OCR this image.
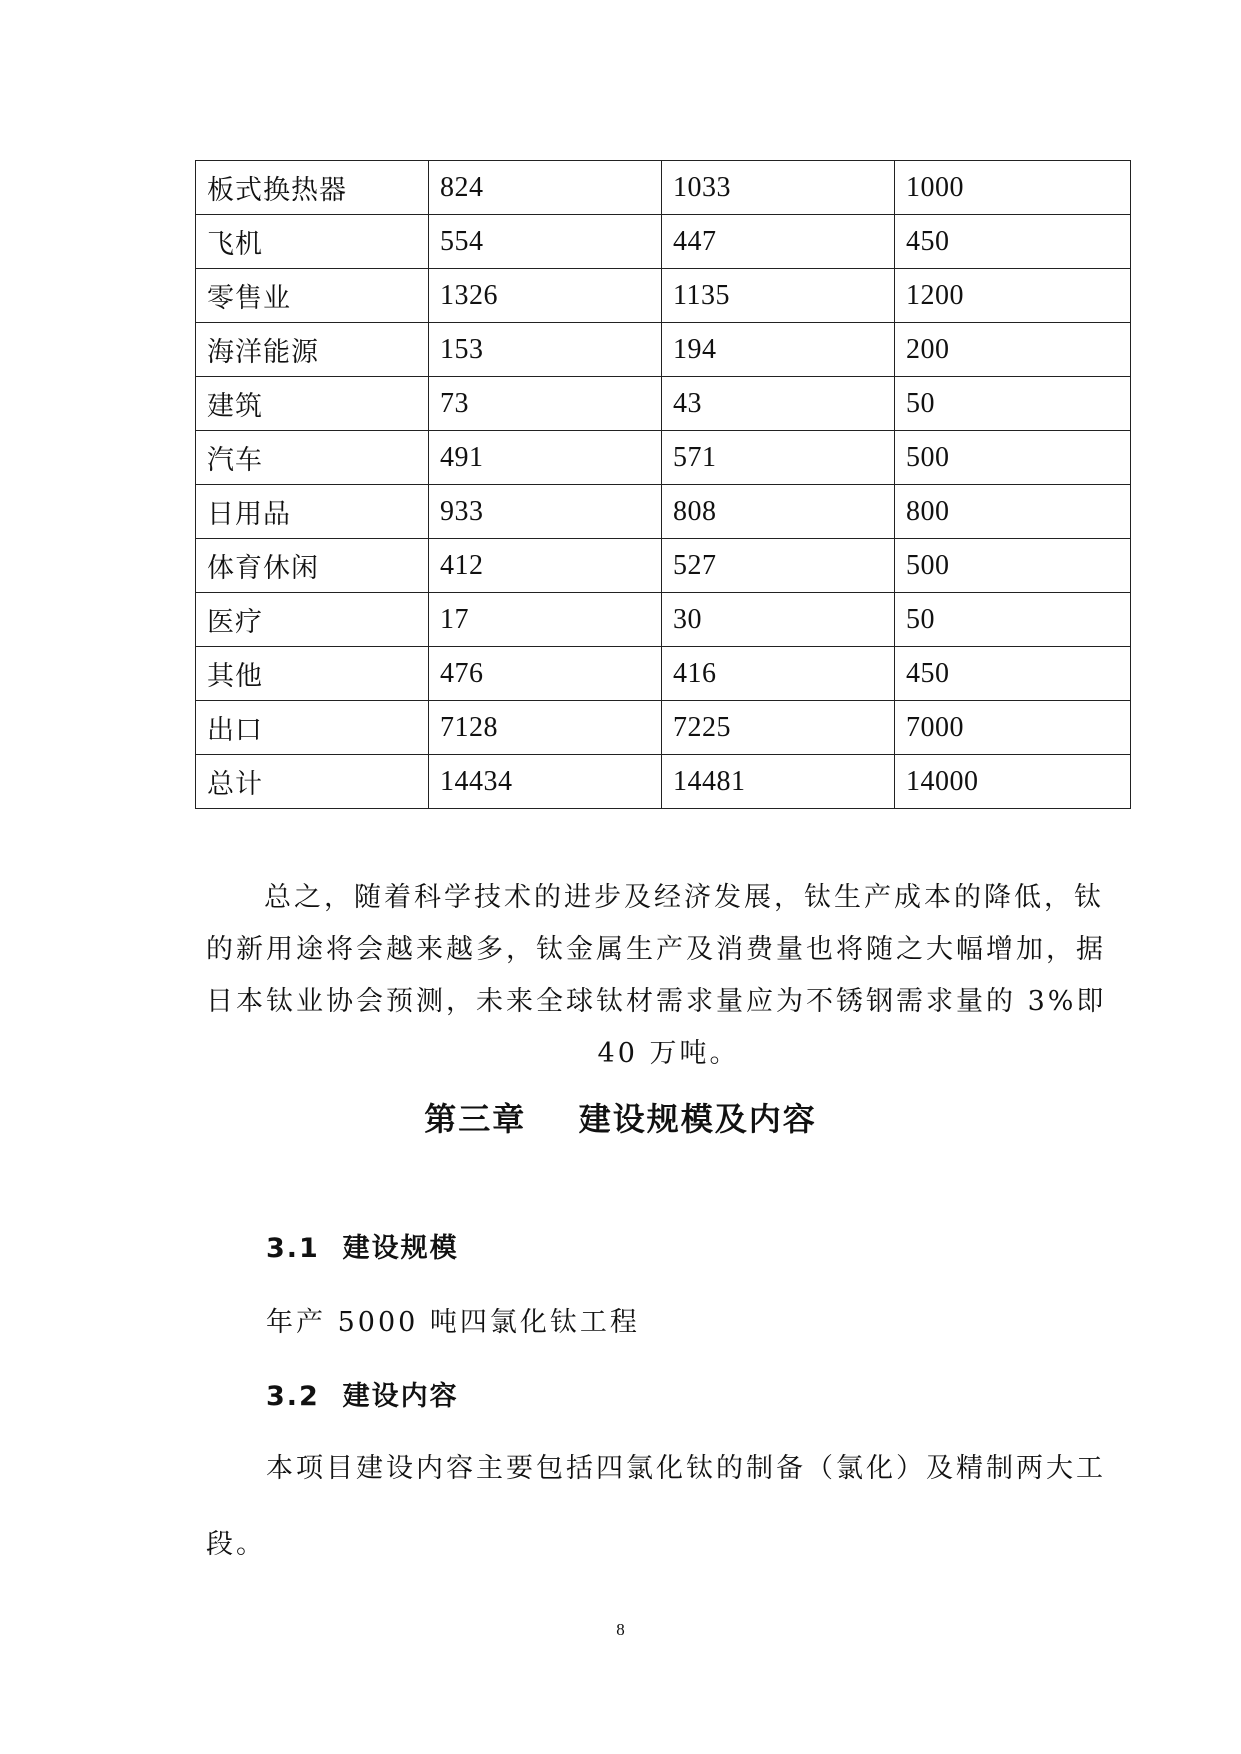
板式换热器	824	1033	1000
飞机	554	447	450
零售业	1326	1135	1200
海洋能源	153	194	200
建筑	73	43	50
汽车	491	571	500
日用品	933	808	800
体育休闲	412	527	500
医疗	17	30	50
其他	476	416	450
出口	7128	7225	7000
总计	14434	14481	14000

总之，随着科学技术的进步及经济发展，钛生产成本的降低，钛的新用途将会越来越多，钛金属生产及消费量也将随之大幅增加，据日本钛业协会预测，未来全球钛材需求量应为不锈钢需求量的 3%即

40 万吨。

第三章    建设规模及内容
3.1  建设规模
年产 5000 吨四氯化钛工程
3.2  建设内容

本项目建设内容主要包括四氯化钛的制备（氯化）及精制两大工段。

8
